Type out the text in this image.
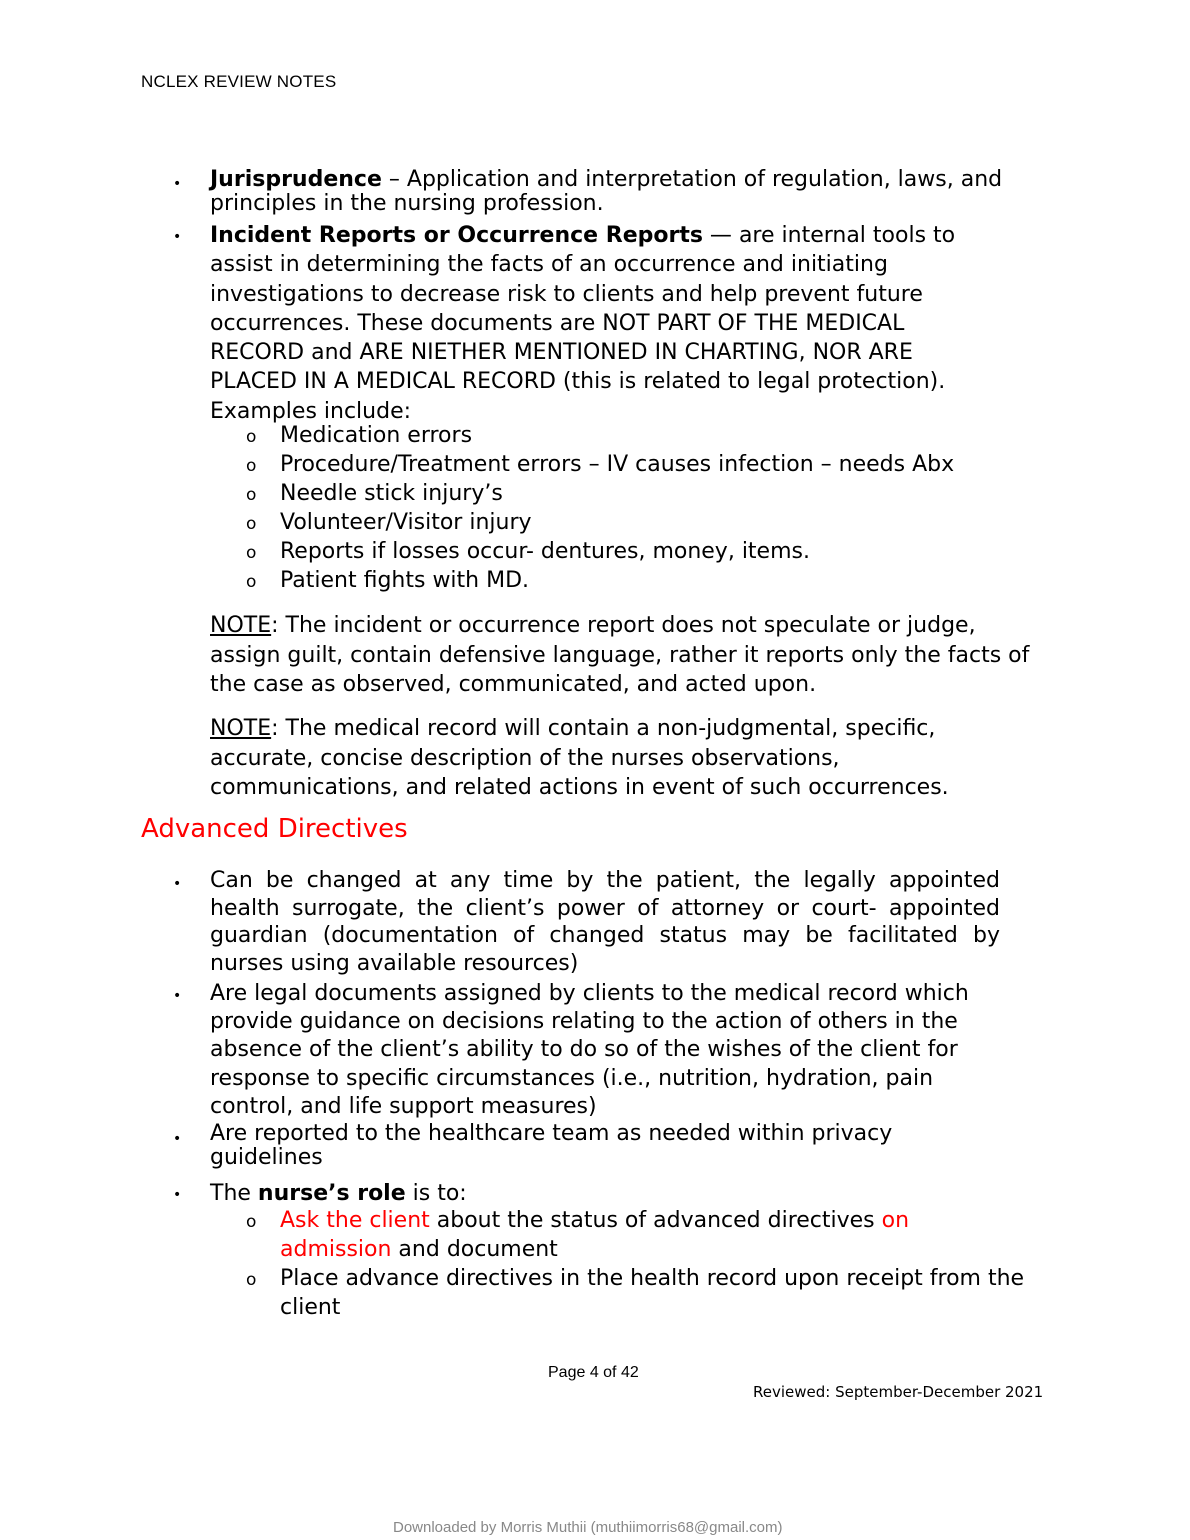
NCLEX REVIEW NOTES
• Jurisprudence – Application and interpretation of regulation, laws, and principles in the nursing profession.
• Incident Reports or Occurrence Reports — are internal tools to assist in determining the facts of an occurrence and initiating investigations to decrease risk to clients and help prevent future occurrences. These documents are NOT PART OF THE MEDICAL RECORD and ARE NIETHER MENTIONED IN CHARTING, NOR ARE PLACED IN A MEDICAL RECORD (this is related to legal protection). Examples include:
o Medication errors
o Procedure/Treatment errors – IV causes infection – needs Abx
o Needle stick injury’s
o Volunteer/Visitor injury
o Reports if losses occur- dentures, money, items.
o Patient fights with MD.
NOTE: The incident or occurrence report does not speculate or judge, assign guilt, contain defensive language, rather it reports only the facts of the case as observed, communicated, and acted upon.
NOTE: The medical record will contain a non-judgmental, specific, accurate, concise description of the nurses observations, communications, and related actions in event of such occurrences.
Advanced Directives
• Can be changed at any time by the patient, the legally appointed health surrogate, the client’s power of attorney or court- appointed guardian (documentation of changed status may be facilitated by nurses using available resources)
• Are legal documents assigned by clients to the medical record which provide guidance on decisions relating to the action of others in the absence of the client’s ability to do so of the wishes of the client for response to specific circumstances (i.e., nutrition, hydration, pain control, and life support measures)
• Are reported to the healthcare team as needed within privacy guidelines
• The nurse’s role is to:
o Ask the client about the status of advanced directives on admission and document
o Place advance directives in the health record upon receipt from the client
Page 4 of 42
Reviewed: September-December 2021
Downloaded by Morris Muthii (muthiimorris68@gmail.com)
